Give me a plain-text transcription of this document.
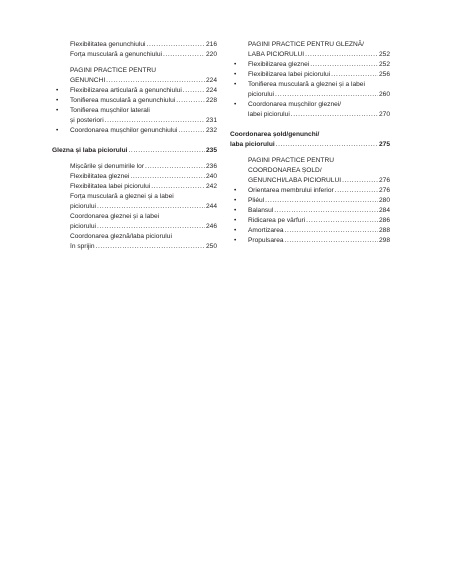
Flexibilitatea genunchiului .....	216
Forța musculară a genunchiului .....	220
PAGINI PRACTICE PENTRU
GENUNCHI .....	224
• Flexibilizarea articulară a genunchiului .....	224
• Tonifierea musculară a genunchiului .....	228
• Tonifierea mușchilor laterali
și posteriori .....	231
• Coordonarea mușchilor genunchiului .....	232
Glezna și laba piciorului .....	235
Mișcările și denumirile lor .....	236
Flexibilitatea gleznei .....	240
Flexibilitatea labei piciorului .....	242
Forța musculară a gleznei și a labei
piciorului .....	244
Coordonarea gleznei și a labei
piciorului .....	246
Coordonarea gleznă/laba piciorului
în sprijin .....	250
PAGINI PRACTICE PENTRU GLEZNĂ/
LABA PICIORULUI .....	252
• Flexibilizarea gleznei .....	252
• Flexibilizarea labei piciorului .....	256
• Tonifierea musculară a gleznei și a labei
piciorului .....	260
• Coordonarea mușchilor gleznei/
labei piciorului .....	270
Coordonarea șold/genunchi/
laba piciorului .....	275
PAGINI PRACTICE PENTRU
COORDONAREA ȘOLD/
GENUNCHI/LABA PICIORULUI .....	276
• Orientarea membrului inferior .....	276
• Pliéul .....	280
• Balansul .....	284
• Ridicarea pe vârfuri .....	286
• Amortizarea .....	288
• Propulsarea .....	298
